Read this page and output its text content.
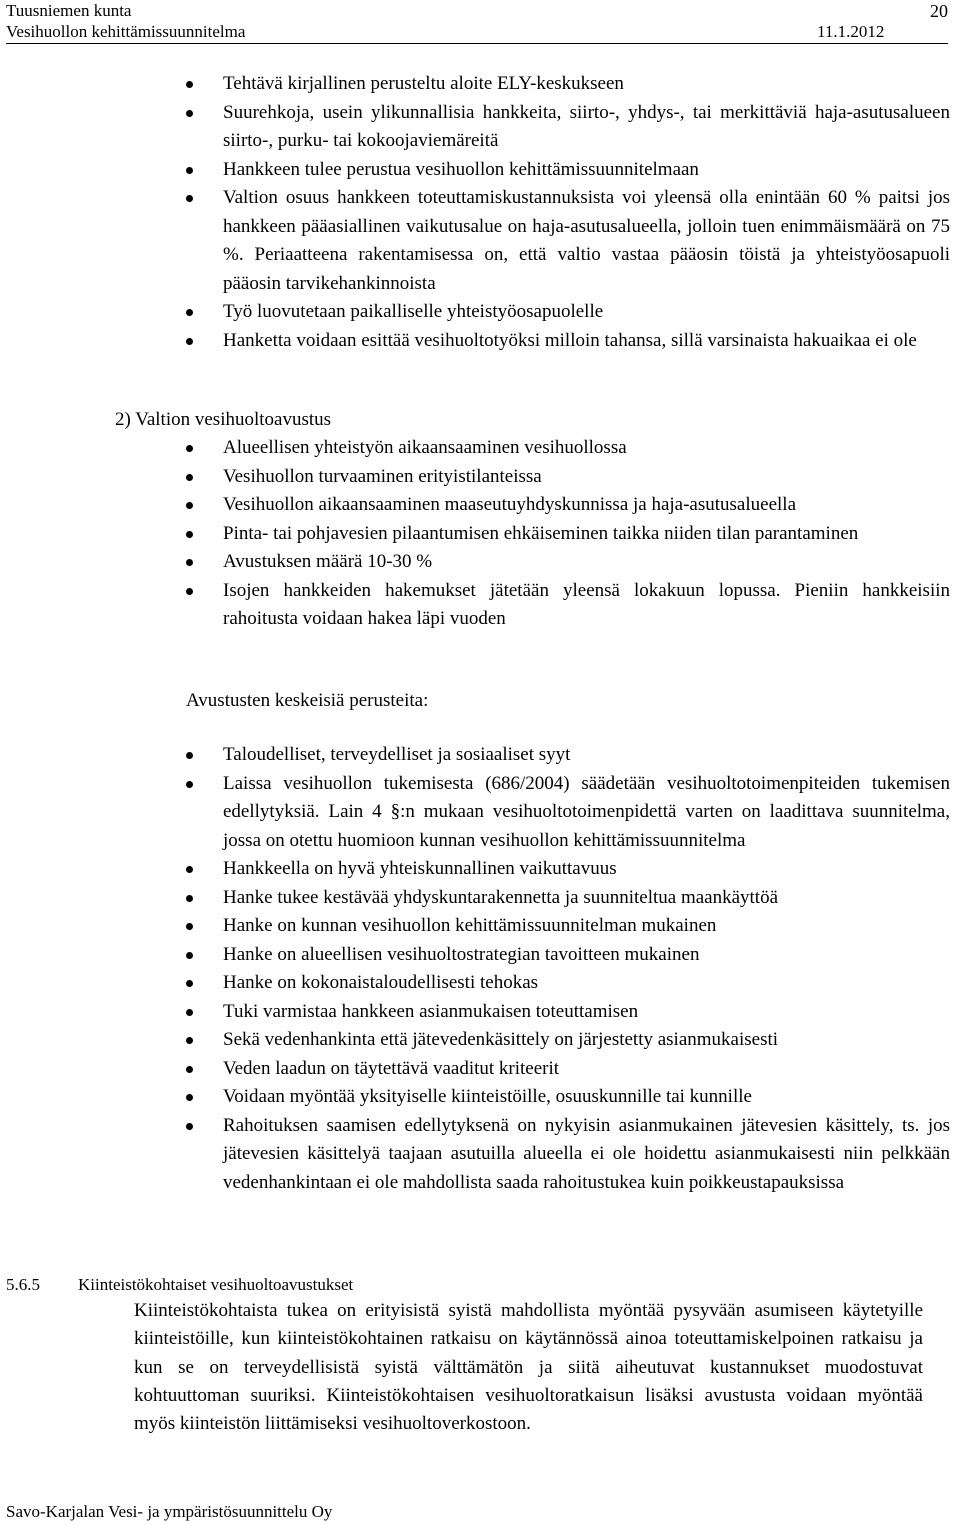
Tuusniemen kunta
Vesihuollon kehittämissuunnitelma	11.1.2012
20
Tehtävä kirjallinen perusteltu aloite ELY-keskukseen
Suurehkoja, usein ylikunnallisia hankkeita, siirto-, yhdys-, tai merkittäviä haja-asutusalueen siirto-, purku- tai kokoojaviemäreitä
Hankkeen tulee perustua vesihuollon kehittämissuunnitelmaan
Valtion osuus hankkeen toteuttamiskustannuksista voi yleensä olla enintään 60 % paitsi jos hankkeen pääasiallinen vaikutusalue on haja-asutusalueella, jolloin tuen enimmäismäärä on 75 %. Periaatteena rakentamisessa on, että valtio vastaa pääosin töistä ja yhteistyöosapuoli pääosin tarvikehankinnoista
Työ luovutetaan paikalliselle yhteistyöosapuolelle
Hanketta voidaan esittää vesihuoltotyöksi milloin tahansa, sillä varsinaista hakuaikaa ei ole
2) Valtion vesihuoltoavustus
Alueellisen yhteistyön aikaansaaminen vesihuollossa
Vesihuollon turvaaminen erityistilanteissa
Vesihuollon aikaansaaminen maaseutuyhdyskunnissa ja haja-asutusalueella
Pinta- tai pohjavesien pilaantumisen ehkäiseminen taikka niiden tilan parantaminen
Avustuksen määrä 10-30 %
Isojen hankkeiden hakemukset jätetään yleensä lokakuun lopussa. Pieniin hankkeisiin rahoitusta voidaan hakea läpi vuoden
Avustusten keskeisiä perusteita:
Taloudelliset, terveydelliset ja sosiaaliset syyt
Laissa vesihuollon tukemisesta (686/2004) säädetään vesihuoltotoimenpiteiden tukemisen edellytyksiä. Lain 4 §:n mukaan vesihuoltotoimenpidettä varten on laadittava suunnitelma, jossa on otettu huomioon kunnan vesihuollon kehittämissuunnitelma
Hankkeella on hyvä yhteiskunnallinen vaikuttavuus
Hanke tukee kestävää yhdyskuntarakennetta ja suunniteltua maankäyttöä
Hanke on kunnan vesihuollon kehittämissuunnitelman mukainen
Hanke on alueellisen vesihuoltostrategian tavoitteen mukainen
Hanke on kokonaistaloudellisesti tehokas
Tuki varmistaa hankkeen asianmukaisen toteuttamisen
Sekä vedenhankinta että jätevedenkäsittely on järjestetty asianmukaisesti
Veden laadun on täytettävä vaaditut kriteerit
Voidaan myöntää yksityiselle kiinteistöille, osuuskunnille tai kunnille
Rahoituksen saamisen edellytyksenä on nykyisin asianmukainen jätevesien käsittely, ts. jos jätevesien käsittelyä taajaan asutuilla alueella ei ole hoidettu asianmukaisesti niin pelkkään vedenhankintaan ei ole mahdollista saada rahoitustukea kuin poikkeustapauksissa
5.6.5 Kiinteistökohtaiset vesihuoltoavustukset
Kiinteistökohtaista tukea on erityisistä syistä mahdollista myöntää pysyvään asumiseen käytetyille kiinteistöille, kun kiinteistökohtainen ratkaisu on käytännössä ainoa toteuttamiskelpoinen ratkaisu ja kun se on terveydellisistä syistä välttämätön ja siitä aiheutuvat kustannukset muodostuvat kohtuuttoman suuriksi. Kiinteistökohtaisen vesihuoltoratkaisun lisäksi avustusta voidaan myöntää myös kiinteistön liittämiseksi vesihuoltoverkostoon.
Savo-Karjalan Vesi- ja ympäristösuunnittelu Oy
